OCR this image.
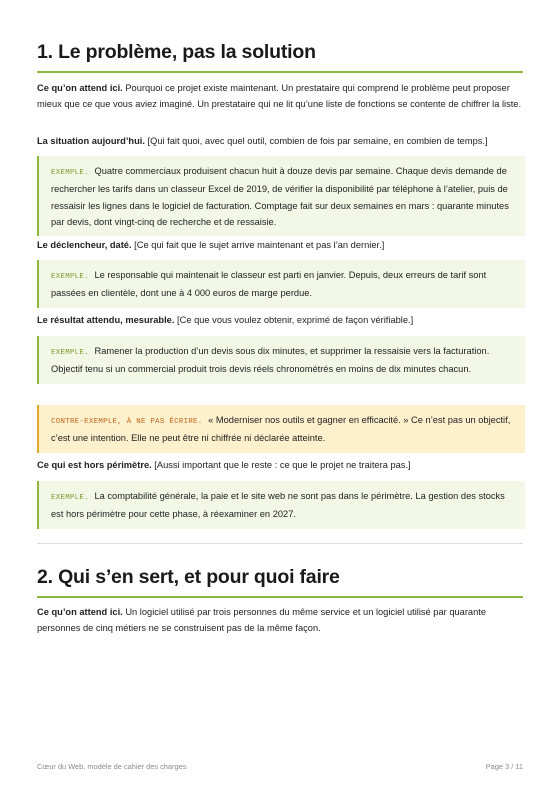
1. Le problème, pas la solution

Ce qu’on attend ici. Pourquoi ce projet existe maintenant. Un prestataire qui comprend le problème peut proposer mieux que ce que vous aviez imaginé. Un prestataire qui ne lit qu’une liste de fonctions se contente de chiffrer la liste.

La situation aujourd’hui. [Qui fait quoi, avec quel outil, combien de fois par semaine, en combien de temps.]

EXEMPLE. Quatre commerciaux produisent chacun huit à douze devis par semaine. Chaque devis demande de rechercher les tarifs dans un classeur Excel de 2019, de vérifier la disponibilité par téléphone à l’atelier, puis de ressaisir les lignes dans le logiciel de facturation. Comptage fait sur deux semaines en mars : quarante minutes par devis, dont vingt-cinq de recherche et de ressaisie.

Le déclencheur, daté. [Ce qui fait que le sujet arrive maintenant et pas l’an dernier.]

EXEMPLE. Le responsable qui maintenait le classeur est parti en janvier. Depuis, deux erreurs de tarif sont passées en clientèle, dont une à 4 000 euros de marge perdue.

Le résultat attendu, mesurable. [Ce que vous voulez obtenir, exprimé de façon vérifiable.]

EXEMPLE. Ramener la production d’un devis sous dix minutes, et supprimer la ressaisie vers la facturation. Objectif tenu si un commercial produit trois devis réels chronométrés en moins de dix minutes chacun.
CONTRE-EXEMPLE, À NE PAS ÉCRIRE. « Moderniser nos outils et gagner en efficacité. » Ce n’est pas un objectif, c’est une intention. Elle ne peut être ni chiffrée ni déclarée atteinte.

Ce qui est hors périmètre. [Aussi important que le reste : ce que le projet ne traitera pas.]

EXEMPLE. La comptabilité générale, la paie et le site web ne sont pas dans le périmètre. La gestion des stocks est hors périmètre pour cette phase, à réexaminer en 2027.
2. Qui s’en sert, et pour quoi faire

Ce qu’on attend ici. Un logiciel utilisé par trois personnes du même service et un logiciel utilisé par quarante personnes de cinq métiers ne se construisent pas de la même façon.

Cœur du Web, modèle de cahier des charges	Page 3 / 11
